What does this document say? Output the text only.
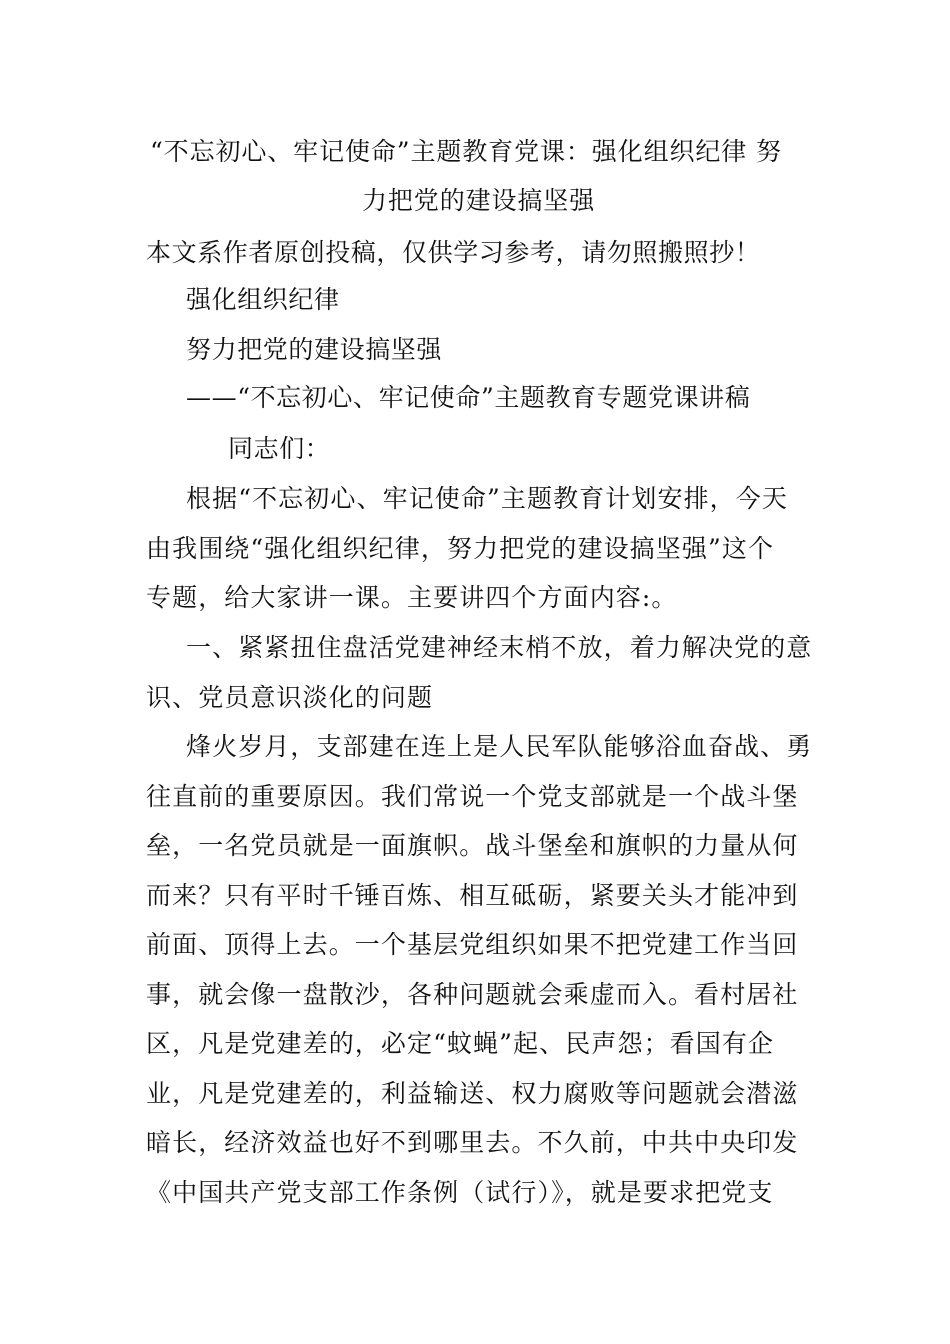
“不忘初心、牢记使命”主题教育党课：强化组织纪律 努
力把党的建设搞坚强
本文系作者原创投稿，仅供学习参考，请勿照搬照抄！
强化组织纪律
努力把党的建设搞坚强
——“不忘初心、牢记使命”主题教育专题党课讲稿
同志们：
根据“不忘初心、牢记使命”主题教育计划安排，今天
由我围绕“强化组织纪律，努力把党的建设搞坚强”这个
专题，给大家讲一课。主要讲四个方面内容:。
一、紧紧扭住盘活党建神经末梢不放，着力解决党的意
识、党员意识淡化的问题
烽火岁月，支部建在连上是人民军队能够浴血奋战、勇
往直前的重要原因。我们常说一个党支部就是一个战斗堡
垒，一名党员就是一面旗帜。战斗堡垒和旗帜的力量从何
而来？只有平时千锤百炼、相互砥砺，紧要关头才能冲到
前面、顶得上去。一个基层党组织如果不把党建工作当回
事，就会像一盘散沙，各种问题就会乘虚而入。看村居社
区，凡是党建差的，必定“蚊蝇”起、民声怨；看国有企
业，凡是党建差的，利益输送、权力腐败等问题就会潜滋
暗长，经济效益也好不到哪里去。不久前，中共中央印发
《中国共产党支部工作条例（试行）》，就是要求把党支
